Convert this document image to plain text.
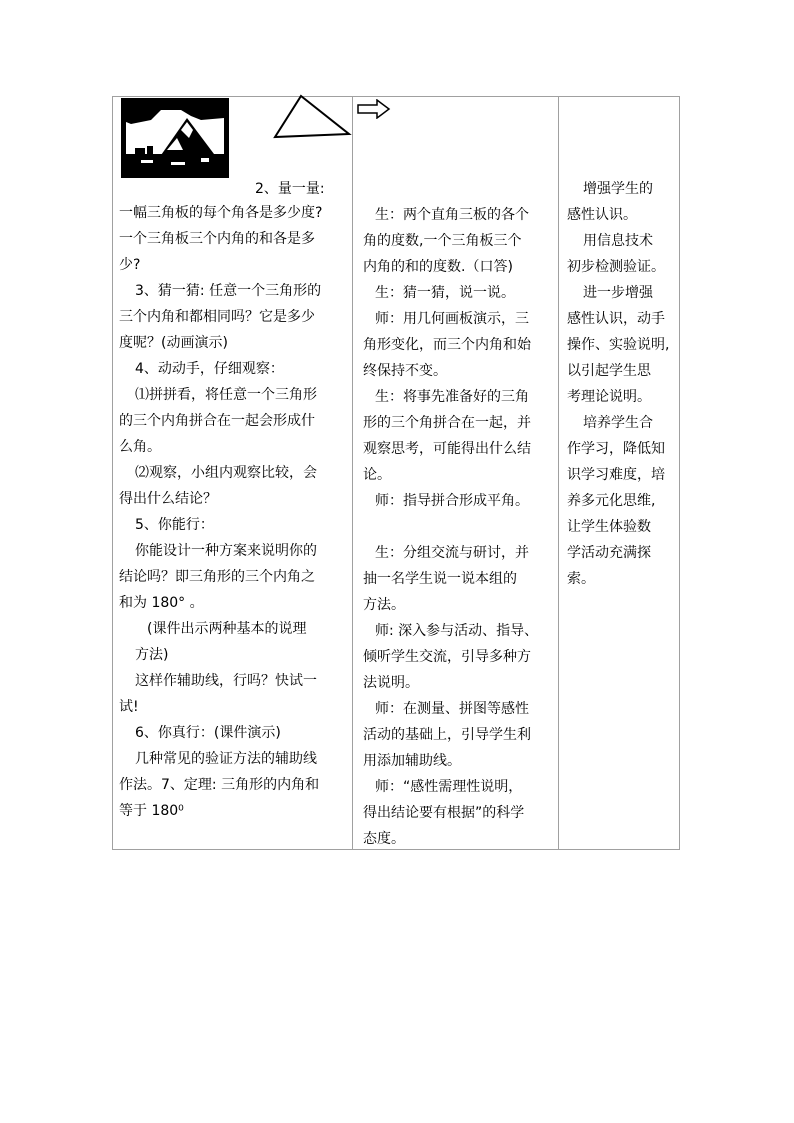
2、量一量:
一幅三角板的每个角各是多少度?
一个三角板三个内角的和各是多
少?
3、猜一猜: 任意一个三角形的
三个内角和都相同吗？它是多少
度呢？(动画演示)
4、动动手，仔细观察：
⑴拼拼看，将任意一个三角形
的三个内角拼合在一起会形成什
么角。
⑵观察，小组内观察比较，会
得出什么结论？
5、你能行：
你能设计一种方案来说明你的
结论吗？即三角形的三个内角之
和为 180° 。
(课件出示两种基本的说理
方法)
这样作辅助线，行吗？快试一
试!
6、你真行：(课件演示)
几种常见的验证方法的辅助线
作法。7、定理: 三角形的内角和
等于 180⁰
生：两个直角三板的各个
角的度数,一个三角板三个
内角的和的度数.（口答)
生：猜一猜，说一说。
师：用几何画板演示，三
角形变化，而三个内角和始
终保持不变。
生：将事先准备好的三角
形的三个角拼合在一起，并
观察思考，可能得出什么结
论。
师：指导拼合形成平角。
生：分组交流与研讨，并
抽一名学生说一说本组的
方法。
师: 深入参与活动、指导、
倾听学生交流，引导多种方
法说明。
师：在测量、拼图等感性
活动的基础上，引导学生利
用添加辅助线。
师：“感性需理性说明，
得出结论要有根据”的科学
态度。
增强学生的
感性认识。
用信息技术
初步检测验证。
进一步增强
感性认识，动手
操作、实验说明,
以引起学生思
考理论说明。
培养学生合
作学习，降低知
识学习难度，培
养多元化思维,
让学生体验数
学活动充满探
索。
